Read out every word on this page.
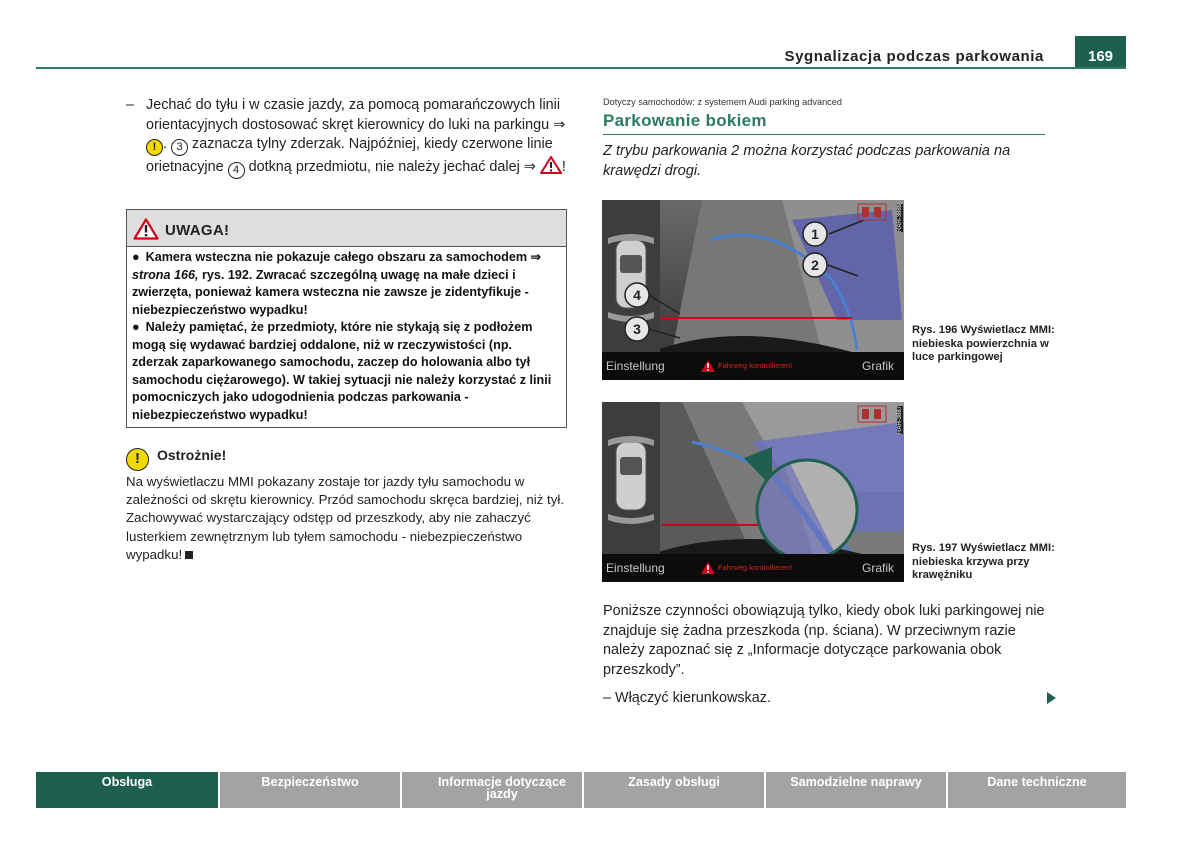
Sygnalizacja podczas parkowania	169
– Jechać do tyłu i w czasie jazdy, za pomocą pomarańczowych linii orientacyjnych dostosować skręt kierownicy do luki na parkingu ⇒ ! . 3 zaznacza tylny zderzak. Najpóźniej, kiedy czerwone linie orietnacyjne 4 dotkną przedmiotu, nie należy jechać dalej ⇒ !
UWAGA!

● Kamera wsteczna nie pokazuje całego obszaru za samochodem ⇒ strona 166, rys. 192. Zwracać szczególną uwagę na małe dzieci i zwierzęta, ponieważ kamera wsteczna nie zawsze je zidentyfikuje - niebezpieczeństwo wypadku!

● Należy pamiętać, że przedmioty, które nie stykają się z podłożem mogą się wydawać bardziej oddalone, niż w rzeczywistości (np. zderzak zaparkowanego samochodu, zaczep do holowania albo tył samochodu ciężarowego). W takiej sytuacji nie należy korzystać z linii pomocniczych jako udogodnienia podczas parkowania - niebezpieczeństwo wypadku!

! Ostrożnie!
Na wyświetlaczu MMI pokazany zostaje tor jazdy tyłu samochodu w zależności od skrętu kierownicy. Przód samochodu skręca bardziej, niż tył. Zachowywać wystarczający odstęp od przeszkody, aby nie zahaczyć lusterkiem zewnętrznym lub tyłem samochodu - niebezpieczeństwo wypadku!
Dotyczy samochodów: z systemem Audi parking advanced
Parkowanie bokiem
Z trybu parkowania 2 można korzystać podczas parkowania na krawędzi drogi.
1
2
4
3
Einstellung	Fahrweg kontrollieren!	Grafik
RAH-3886
Rys. 196 Wyświetlacz MMI: niebieska powierzchnia w luce parkingowej
Einstellung	Fahrweg kontrollieren!	Grafik
RAH-3887
Rys. 197 Wyświetlacz MMI: niebieska krzywa przy krawężniku
Poniższe czynności obowiązują tylko, kiedy obok luki parkingowej nie znajduje się żadna przeszkoda (np. ściana). W przeciwnym razie należy zapoznać się z „Informacje dotyczące parkowania obok przeszkody”.
– Włączyć kierunkowskaz.
Obsługa	Bezpieczeństwo	Informacje dotyczące jazdy
Zasady obsługi	Samodzielne naprawy	Dane techniczne
